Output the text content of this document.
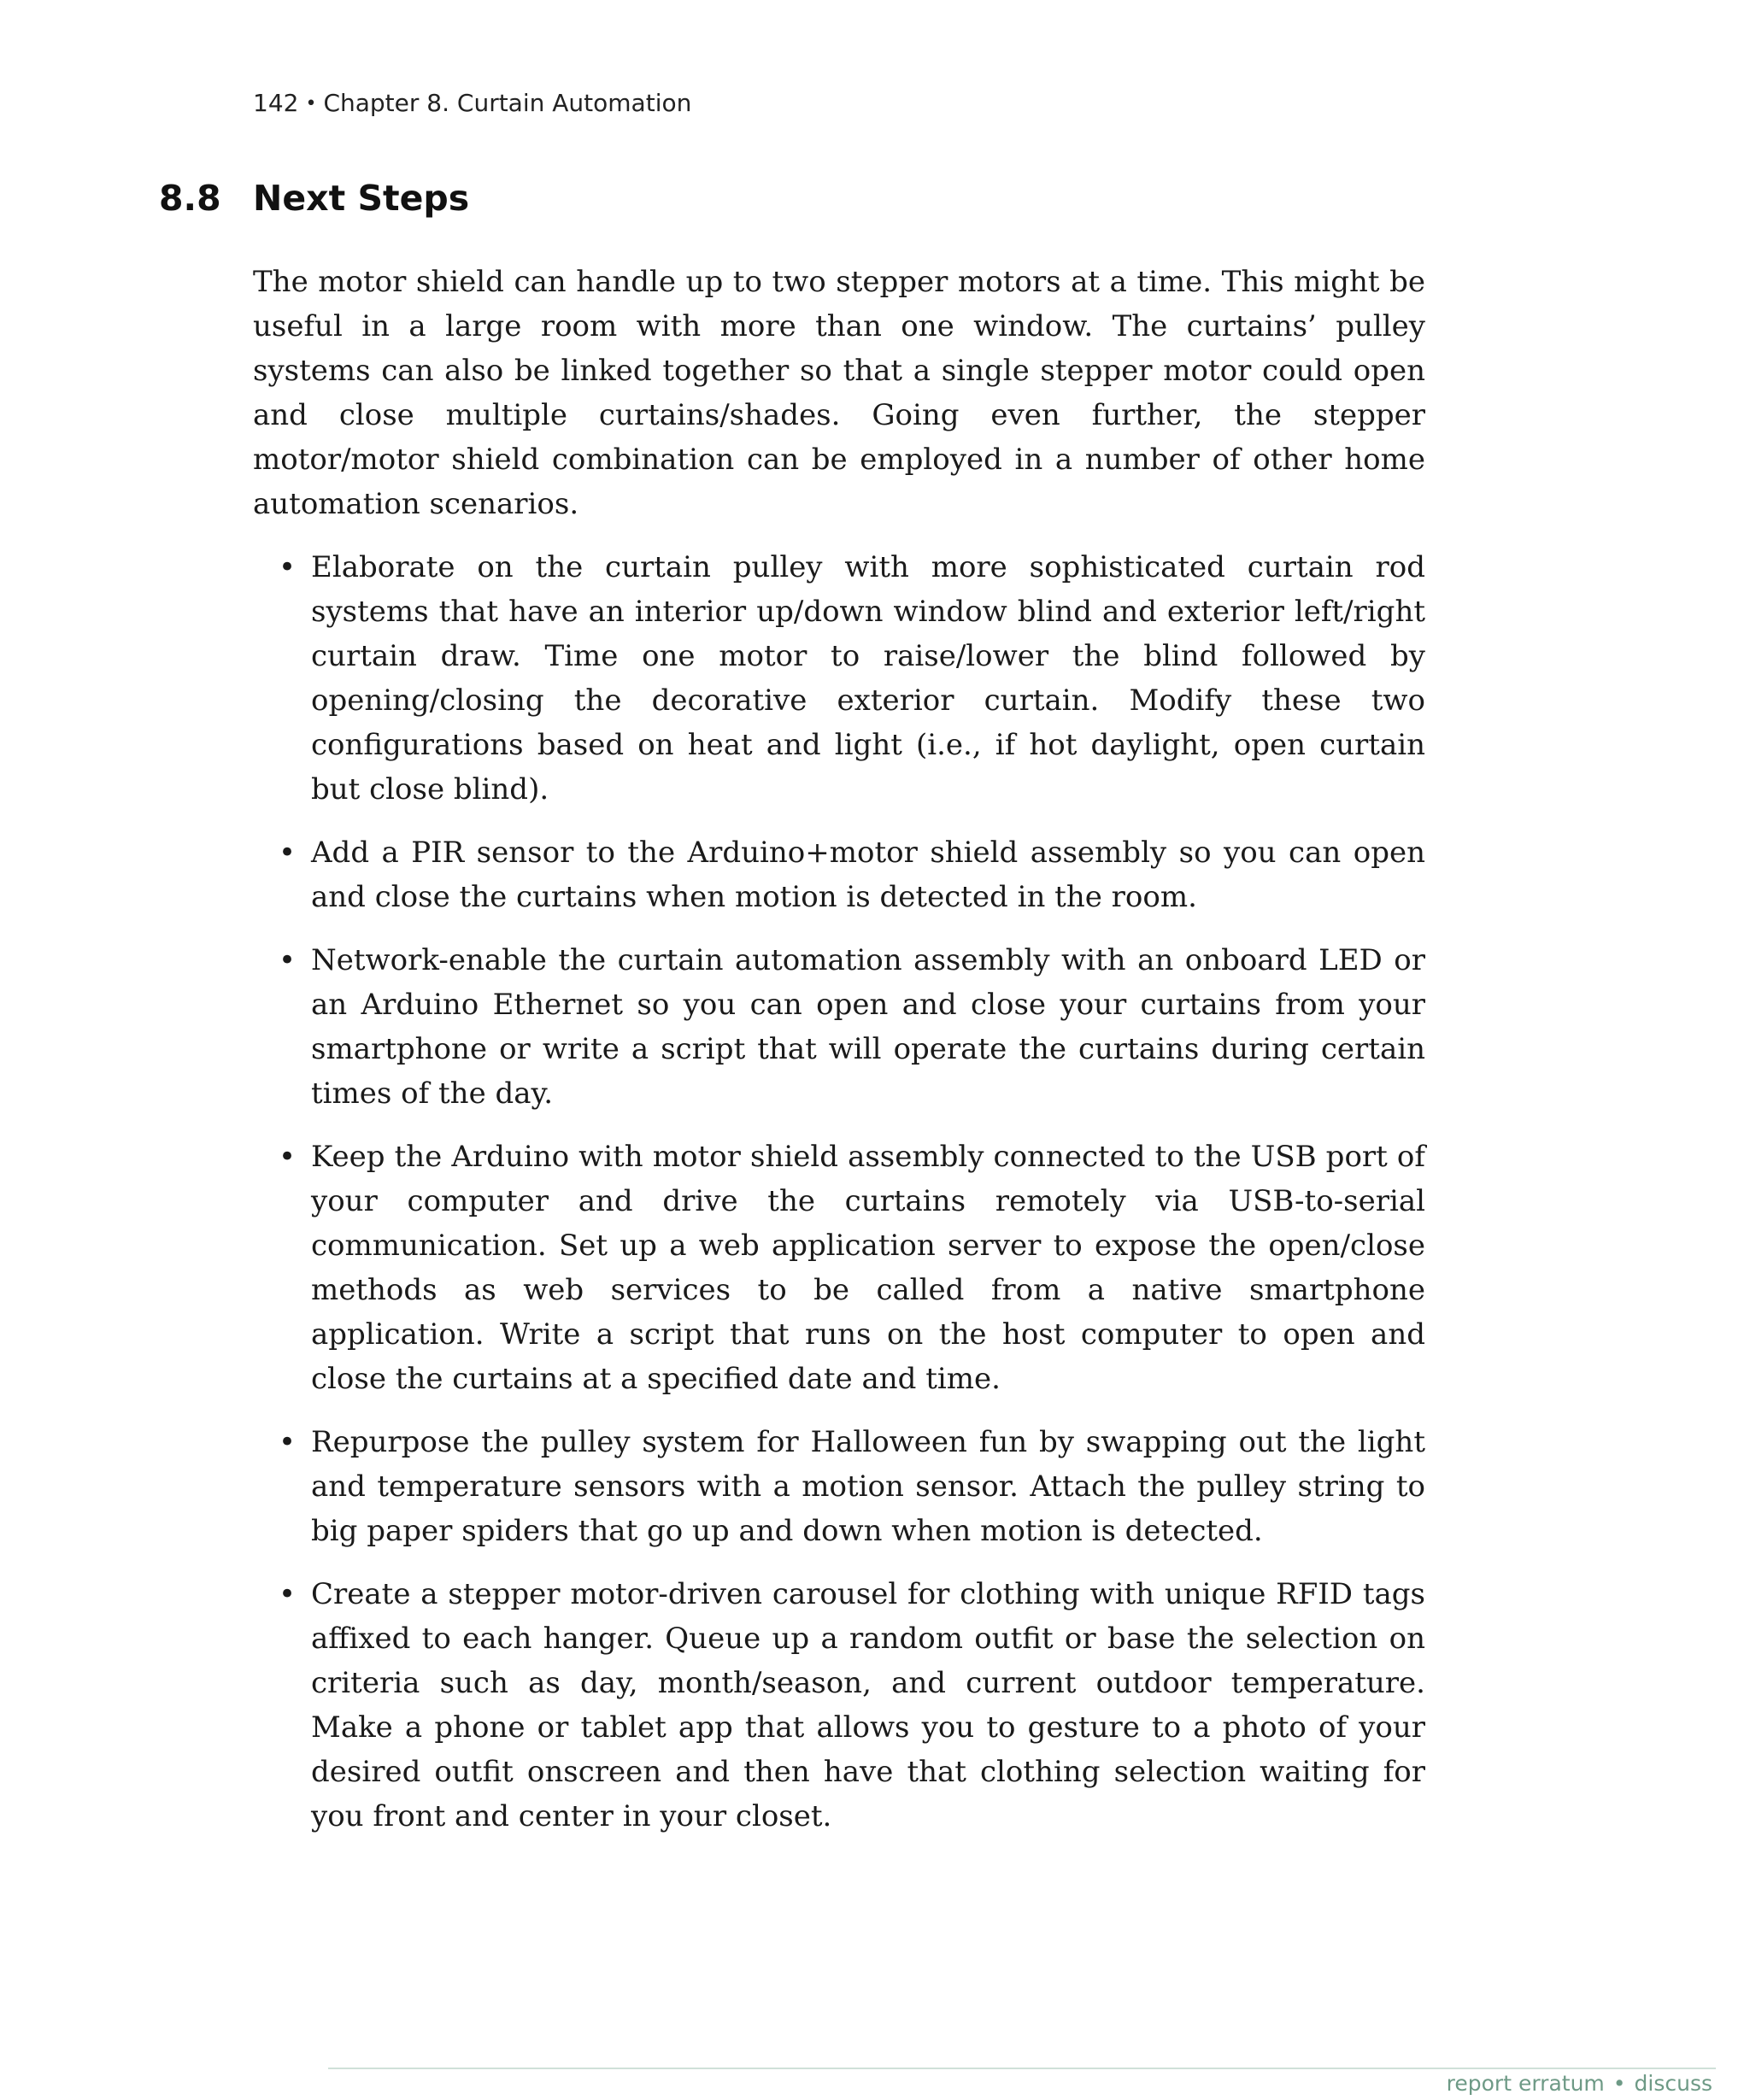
142 • Chapter 8. Curtain Automation
8.8 Next Steps

The motor shield can handle up to two stepper motors at a time. This might be useful in a large room with more than one window. The curtains’ pulley systems can also be linked together so that a single stepper motor could open and close multiple curtains/shades. Going even further, the stepper motor/motor shield combination can be employed in a number of other home automation scenarios.

• Elaborate on the curtain pulley with more sophisticated curtain rod systems that have an interior up/down window blind and exterior left/right curtain draw. Time one motor to raise/lower the blind followed by opening/closing the decorative exterior curtain. Modify these two configurations based on heat and light (i.e., if hot daylight, open curtain but close blind).
• Add a PIR sensor to the Arduino+motor shield assembly so you can open and close the curtains when motion is detected in the room.
• Network-enable the curtain automation assembly with an onboard LED or an Arduino Ethernet so you can open and close your curtains from your smartphone or write a script that will operate the curtains during certain times of the day.
• Keep the Arduino with motor shield assembly connected to the USB port of your computer and drive the curtains remotely via USB-to-serial communication. Set up a web application server to expose the open/close methods as web services to be called from a native smartphone application. Write a script that runs on the host computer to open and close the curtains at a specified date and time.
• Repurpose the pulley system for Halloween fun by swapping out the light and temperature sensors with a motion sensor. Attach the pulley string to big paper spiders that go up and down when motion is detected.
• Create a stepper motor-driven carousel for clothing with unique RFID tags affixed to each hanger. Queue up a random outfit or base the selection on criteria such as day, month/season, and current outdoor temperature. Make a phone or tablet app that allows you to gesture to a photo of your desired outfit onscreen and then have that clothing selection waiting for you front and center in your closet.
report erratum • discuss
